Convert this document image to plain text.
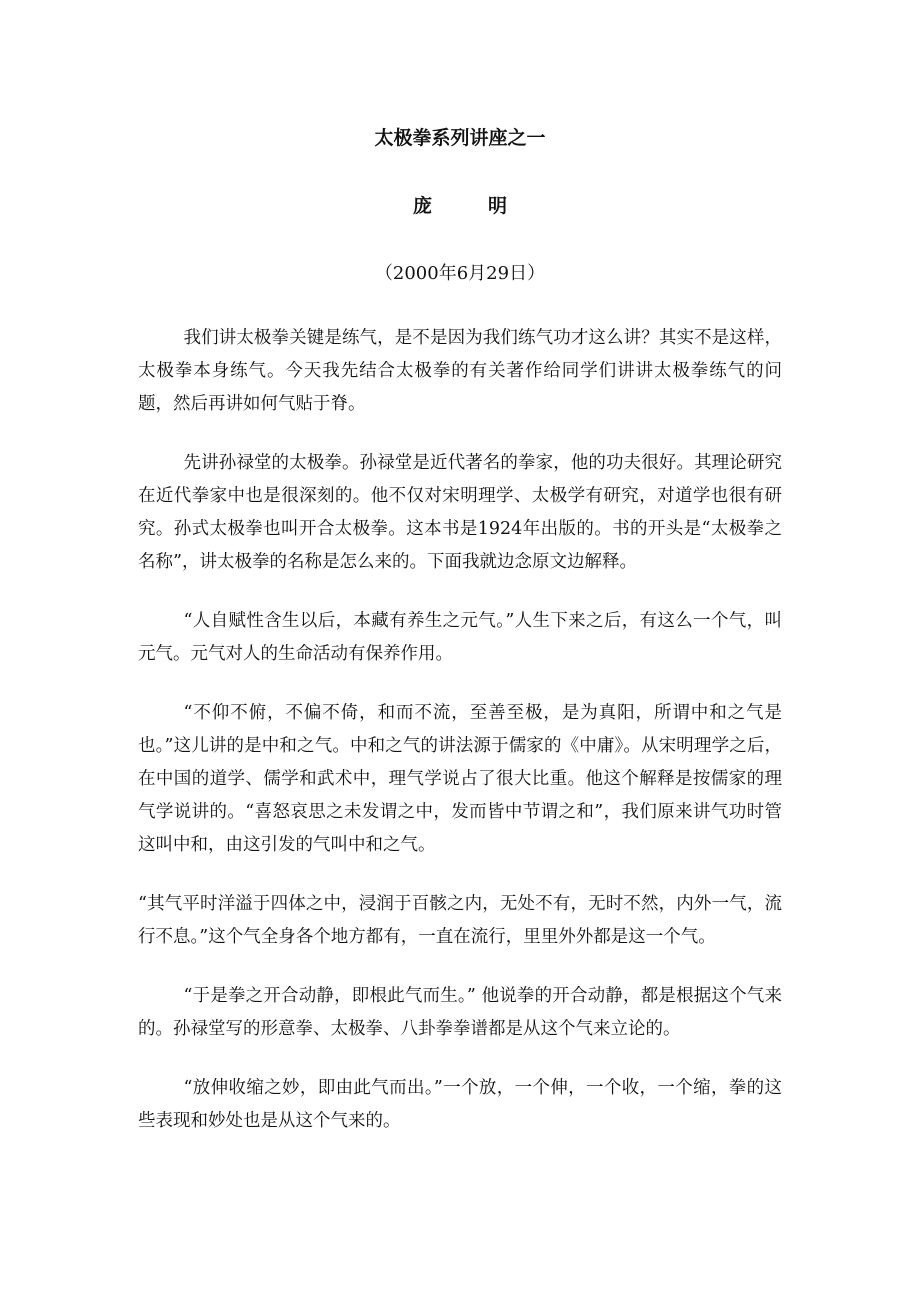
太极拳系列讲座之一
庞	明

（2000年6月29日）

我们讲太极拳关键是练气，是不是因为我们练气功才这么讲？其实不是这样，太极拳本身练气。今天我先结合太极拳的有关著作给同学们讲讲太极拳练气的问题，然后再讲如何气贴于脊。

先讲孙禄堂的太极拳。孙禄堂是近代著名的拳家，他的功夫很好。其理论研究在近代拳家中也是很深刻的。他不仅对宋明理学、太极学有研究，对道学也很有研究。孙式太极拳也叫开合太极拳。这本书是1924年出版的。书的开头是“太极拳之名称”，讲太极拳的名称是怎么来的。下面我就边念原文边解释。

“人自赋性含生以后，本藏有养生之元气。”人生下来之后，有这么一个气，叫元气。元气对人的生命活动有保养作用。

“不仰不俯，不偏不倚，和而不流，至善至极，是为真阳，所谓中和之气是也。”这儿讲的是中和之气。中和之气的讲法源于儒家的《中庸》。从宋明理学之后，在中国的道学、儒学和武术中，理气学说占了很大比重。他这个解释是按儒家的理气学说讲的。“喜怒哀思之未发谓之中，发而皆中节谓之和”，我们原来讲气功时管这叫中和，由这引发的气叫中和之气。

“其气平时洋溢于四体之中，浸润于百骸之内，无处不有，无时不然，内外一气，流行不息。”这个气全身各个地方都有，一直在流行，里里外外都是这一个气。

“于是拳之开合动静，即根此气而生。” 他说拳的开合动静，都是根据这个气来的。孙禄堂写的形意拳、太极拳、八卦拳拳谱都是从这个气来立论的。

“放伸收缩之妙，即由此气而出。”一个放，一个伸，一个收，一个缩，拳的这些表现和妙处也是从这个气来的。
